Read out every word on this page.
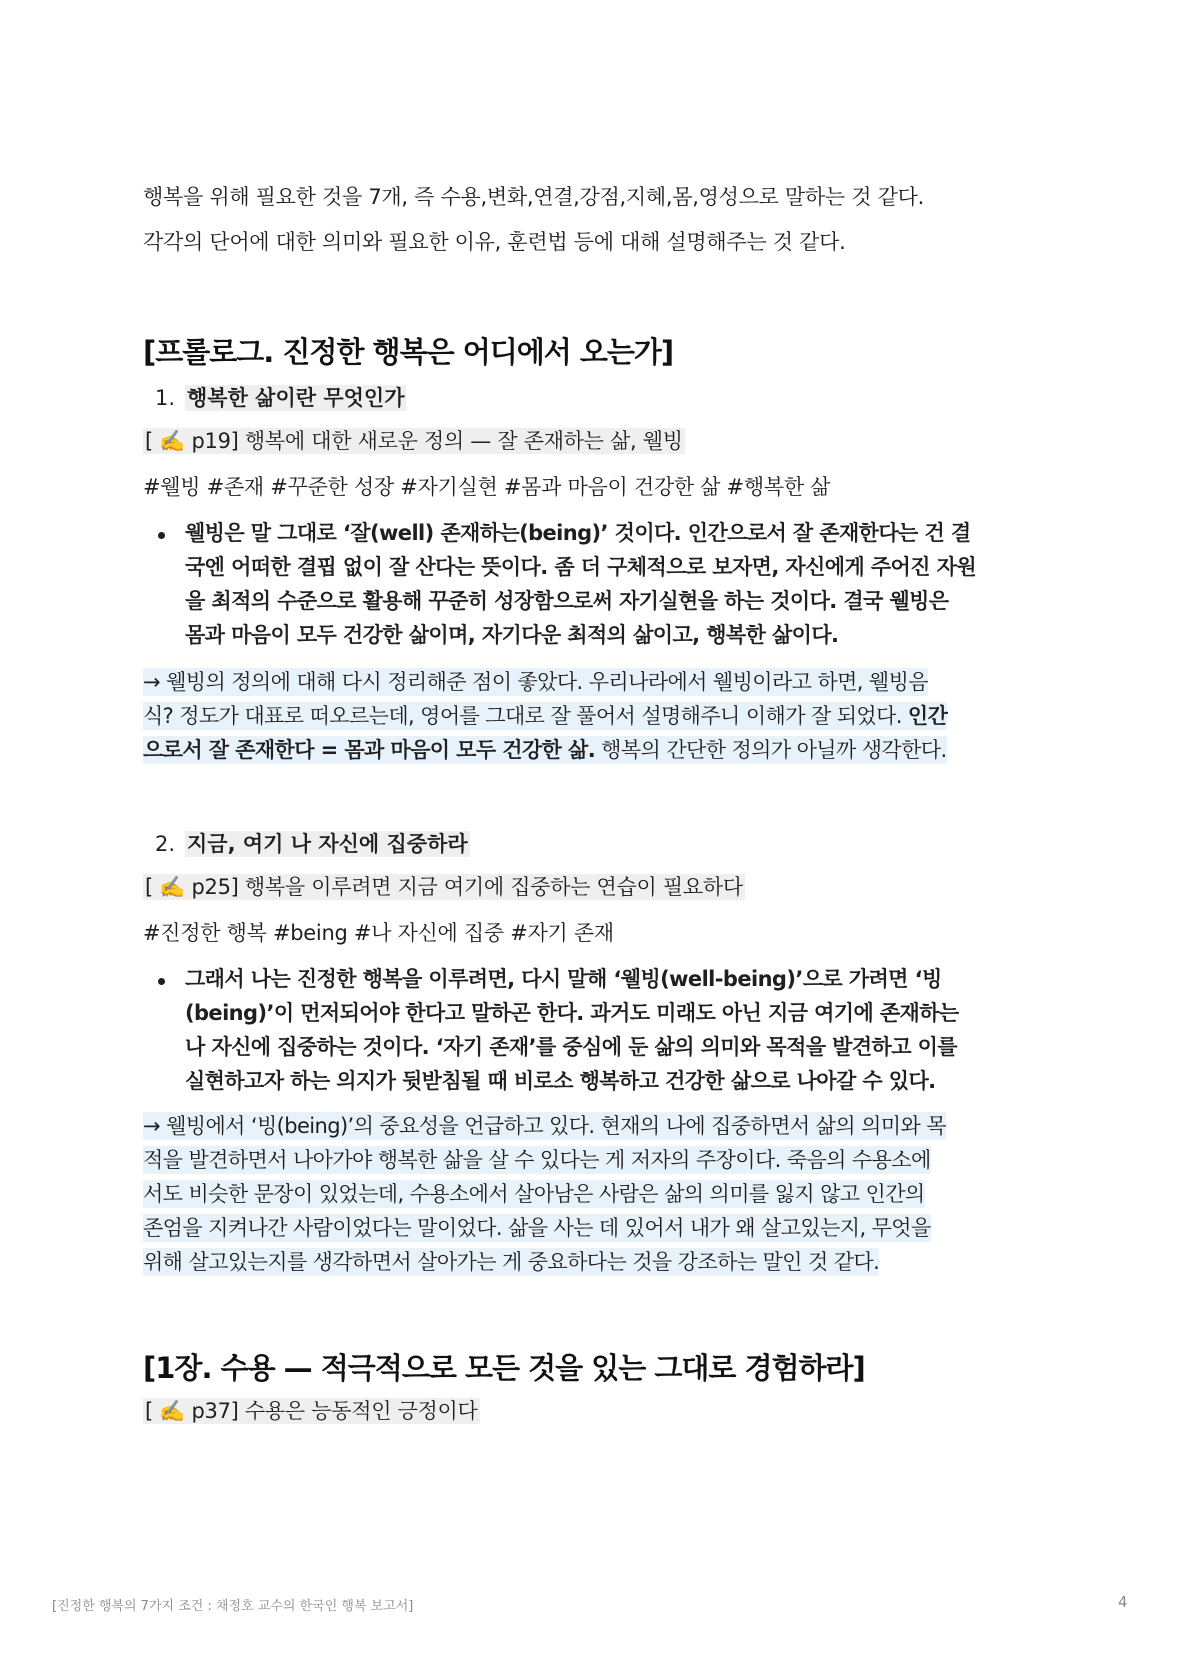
행복을 위해 필요한 것을 7개, 즉 수용,변화,연결,강점,지혜,몸,영성으로 말하는 것 같다.
각각의 단어에 대한 의미와 필요한 이유, 훈련법 등에 대해 설명해주는 것 같다.
[프롤로그. 진정한 행복은 어디에서 오는가]
1. 행복한 삶이란 무엇인가
[ ✍️ p19] 행복에 대한 새로운 정의 — 잘 존재하는 삶, 웰빙
#웰빙 #존재 #꾸준한 성장 #자기실현 #몸과 마음이 건강한 삶 #행복한 삶
웰빙은 말 그대로 ‘잘(well) 존재하는(being)’ 것이다. 인간으로서 잘 존재한다는 건 결
국엔 어떠한 결핍 없이 잘 산다는 뜻이다. 좀 더 구체적으로 보자면, 자신에게 주어진 자원
을 최적의 수준으로 활용해 꾸준히 성장함으로써 자기실현을 하는 것이다. 결국 웰빙은
몸과 마음이 모두 건강한 삶이며, 자기다운 최적의 삶이고, 행복한 삶이다.
→ 웰빙의 정의에 대해 다시 정리해준 점이 좋았다. 우리나라에서 웰빙이라고 하면, 웰빙음
식? 정도가 대표로 떠오르는데, 영어를 그대로 잘 풀어서 설명해주니 이해가 잘 되었다. 인간
으로서 잘 존재한다 = 몸과 마음이 모두 건강한 삶. 행복의 간단한 정의가 아닐까 생각한다.
2. 지금, 여기 나 자신에 집중하라
[ ✍️ p25] 행복을 이루려면 지금 여기에 집중하는 연습이 필요하다
#진정한 행복 #being #나 자신에 집중 #자기 존재
그래서 나는 진정한 행복을 이루려면, 다시 말해 ‘웰빙(well-being)’으로 가려면 ‘빙
(being)’이 먼저되어야 한다고 말하곤 한다. 과거도 미래도 아닌 지금 여기에 존재하는
나 자신에 집중하는 것이다. ‘자기 존재’를 중심에 둔 삶의 의미와 목적을 발견하고 이를
실현하고자 하는 의지가 뒷받침될 때 비로소 행복하고 건강한 삶으로 나아갈 수 있다.
→ 웰빙에서 ‘빙(being)’의 중요성을 언급하고 있다. 현재의 나에 집중하면서 삶의 의미와 목
적을 발견하면서 나아가야 행복한 삶을 살 수 있다는 게 저자의 주장이다. 죽음의 수용소에
서도 비슷한 문장이 있었는데, 수용소에서 살아남은 사람은 삶의 의미를 잃지 않고 인간의
존엄을 지켜나간 사람이었다는 말이었다. 삶을 사는 데 있어서 내가 왜 살고있는지, 무엇을
위해 살고있는지를 생각하면서 살아가는 게 중요하다는 것을 강조하는 말인 것 같다.
[1장. 수용 — 적극적으로 모든 것을 있는 그대로 경험하라]
[ ✍️ p37] 수용은 능동적인 긍정이다
[진정한 행복의 7가지 조건 : 채정호 교수의 한국인 행복 보고서]	4
